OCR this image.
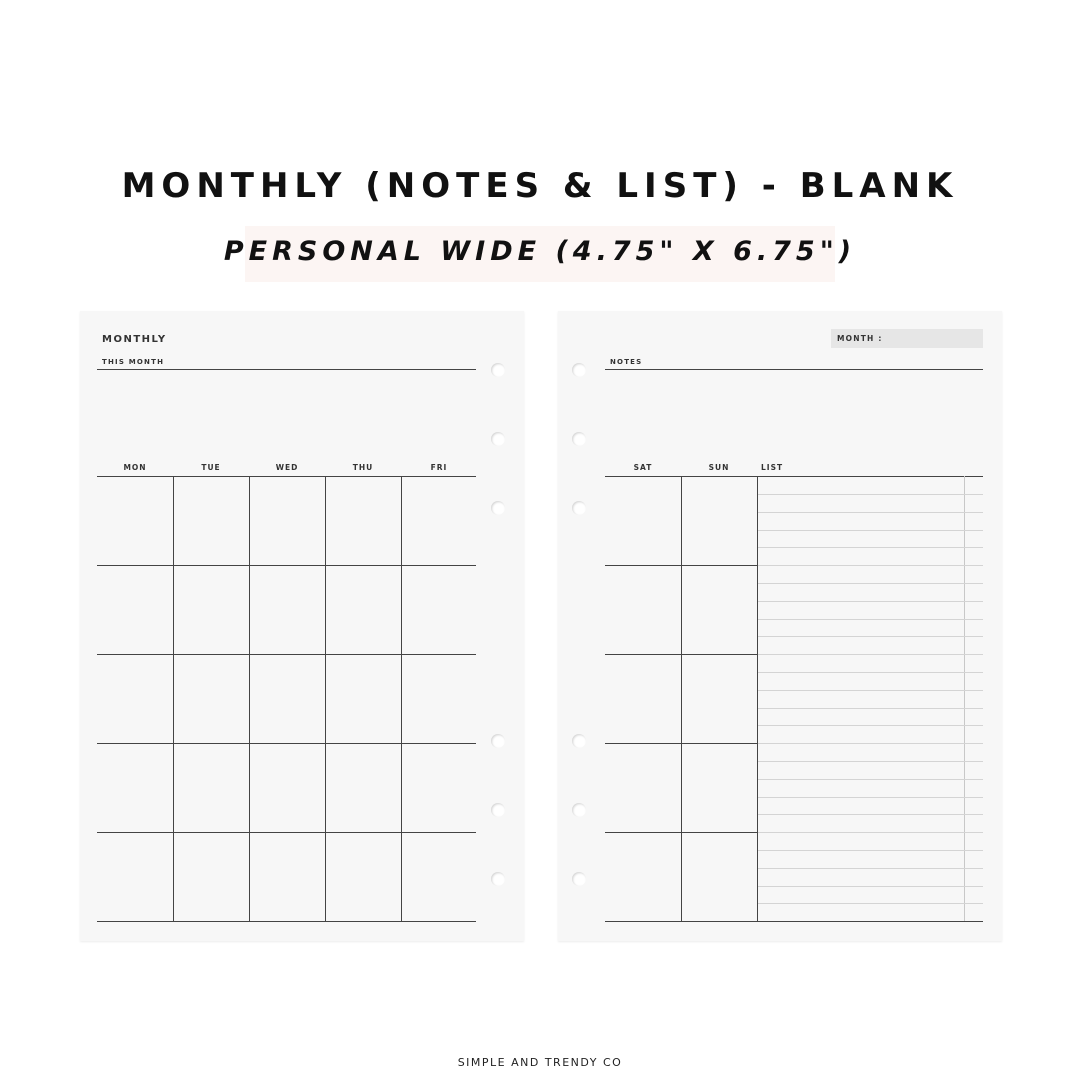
MONTHLY (NOTES & LIST) - BLANK
PERSONAL WIDE (4.75" X 6.75")
MONTHLY
THIS MONTH
MON	TUE	WED	THU	FRI
MONTH :
NOTES
SAT	SUN	LIST
SIMPLE AND TRENDY CO
